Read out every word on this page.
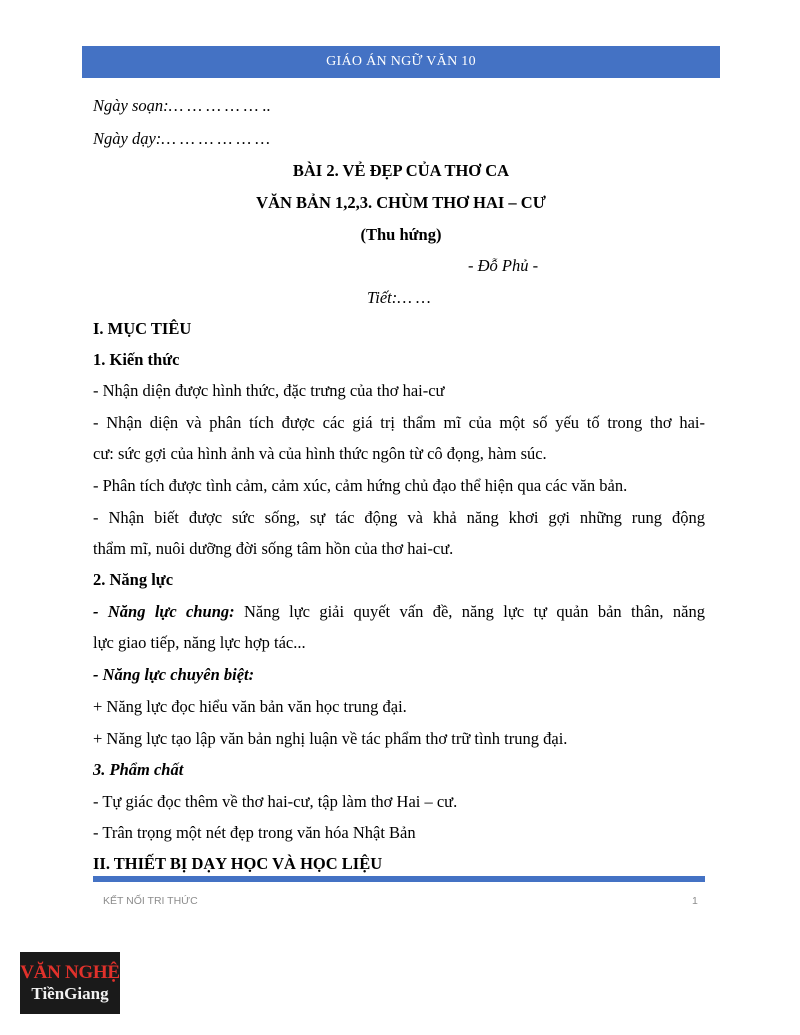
GIÁO ÁN NGỮ VĂN 10
Ngày soạn:… … … … … ..
Ngày dạy:… … … … … …
BÀI 2. VẺ ĐẸP CỦA THƠ CA
VĂN BẢN 1,2,3. CHÙM THƠ HAI – CƯ
(Thu hứng)
- Đỗ Phủ -
Tiết:… …
I. MỤC TIÊU
1. Kiến thức
- Nhận diện được hình thức, đặc trưng của thơ hai-cư
- Nhận diện và phân tích được các giá trị thẩm mĩ của một số yếu tố trong thơ hai-
cư: sức gợi của hình ảnh và của hình thức ngôn từ cô đọng, hàm súc.
- Phân tích được tình cảm, cảm xúc, cảm hứng chủ đạo thể hiện qua các văn bản.
- Nhận biết được sức sống, sự tác động và khả năng khơi gợi những rung động
thẩm mĩ, nuôi dưỡng đời sống tâm hồn của thơ hai-cư.
2. Năng lực
- Năng lực chung: Năng lực giải quyết vấn đề, năng lực tự quản bản thân, năng
lực giao tiếp, năng lực hợp tác...
- Năng lực chuyên biệt:
+ Năng lực đọc hiểu văn bản văn học trung đại.
+ Năng lực tạo lập văn bản nghị luận về tác phẩm thơ trữ tình trung đại.
3. Phẩm chất
- Tự giác đọc thêm về thơ hai-cư, tập làm thơ Hai – cư.
- Trân trọng một nét đẹp trong văn hóa Nhật Bản
II. THIẾT BỊ DẠY HỌC VÀ HỌC LIỆU
KẾT NỐI TRI THỨC	1
VĂN NGHỆ
TiềnGiang
